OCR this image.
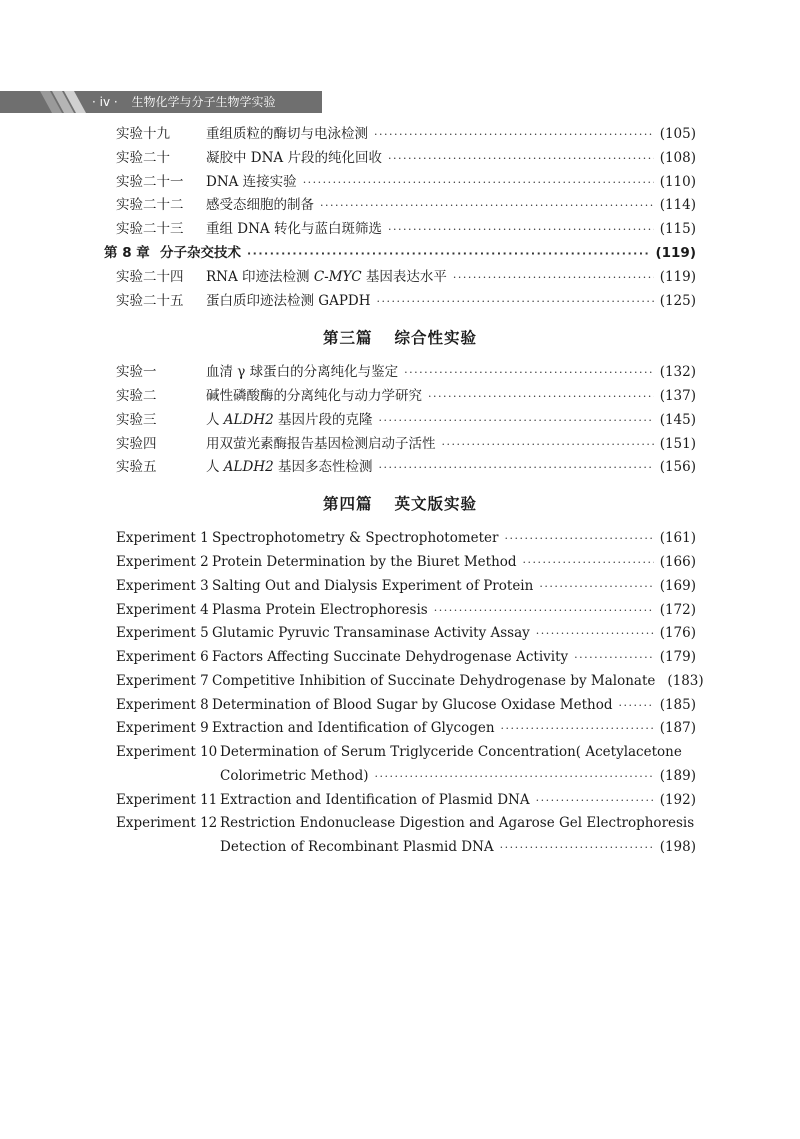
· iv · 生物化学与分子生物学实验
实验十九	重组质粒的酶切与电泳检测 ·····	(105)
实验二十	凝胶中 DNA 片段的纯化回收 ·····	(108)
实验二十一	DNA 连接实验 ·····	(110)
实验二十二	感受态细胞的制备 ·····	(114)
实验二十三	重组 DNA 转化与蓝白斑筛选 ·····	(115)
第 8 章 分子杂交技术 ·····	(119)
实验二十四	RNA 印迹法检测 C-MYC 基因表达水平 ·····	(119)
实验二十五	蛋白质印迹法检测 GAPDH ·····	(125)
第三篇 综合性实验
实验一	血清 γ 球蛋白的分离纯化与鉴定 ·····	(132)
实验二	碱性磷酸酶的分离纯化与动力学研究 ·····	(137)
实验三	人 ALDH2 基因片段的克隆 ·····	(145)
实验四	用双萤光素酶报告基因检测启动子活性 ·····	(151)
实验五	人 ALDH2 基因多态性检测 ·····	(156)
第四篇 英文版实验
Experiment 1 Spectrophotometry & Spectrophotometer ·····	(161)
Experiment 2 Protein Determination by the Biuret Method ·····	(166)
Experiment 3 Salting Out and Dialysis Experiment of Protein ·····	(169)
Experiment 4 Plasma Protein Electrophoresis ·····	(172)
Experiment 5 Glutamic Pyruvic Transaminase Activity Assay ·····	(176)
Experiment 6 Factors Affecting Succinate Dehydrogenase Activity ·····	(179)
Experiment 7 Competitive Inhibition of Succinate Dehydrogenase by Malonate (183)
Experiment 8 Determination of Blood Sugar by Glucose Oxidase Method ·····	(185)
Experiment 9 Extraction and Identification of Glycogen ·····	(187)
Experiment 10 Determination of Serum Triglyceride Concentration( Acetylacetone
Colorimetric Method) ·····	(189)
Experiment 11 Extraction and Identification of Plasmid DNA ·····	(192)
Experiment 12 Restriction Endonuclease Digestion and Agarose Gel Electrophoresis
Detection of Recombinant Plasmid DNA ·····	(198)
